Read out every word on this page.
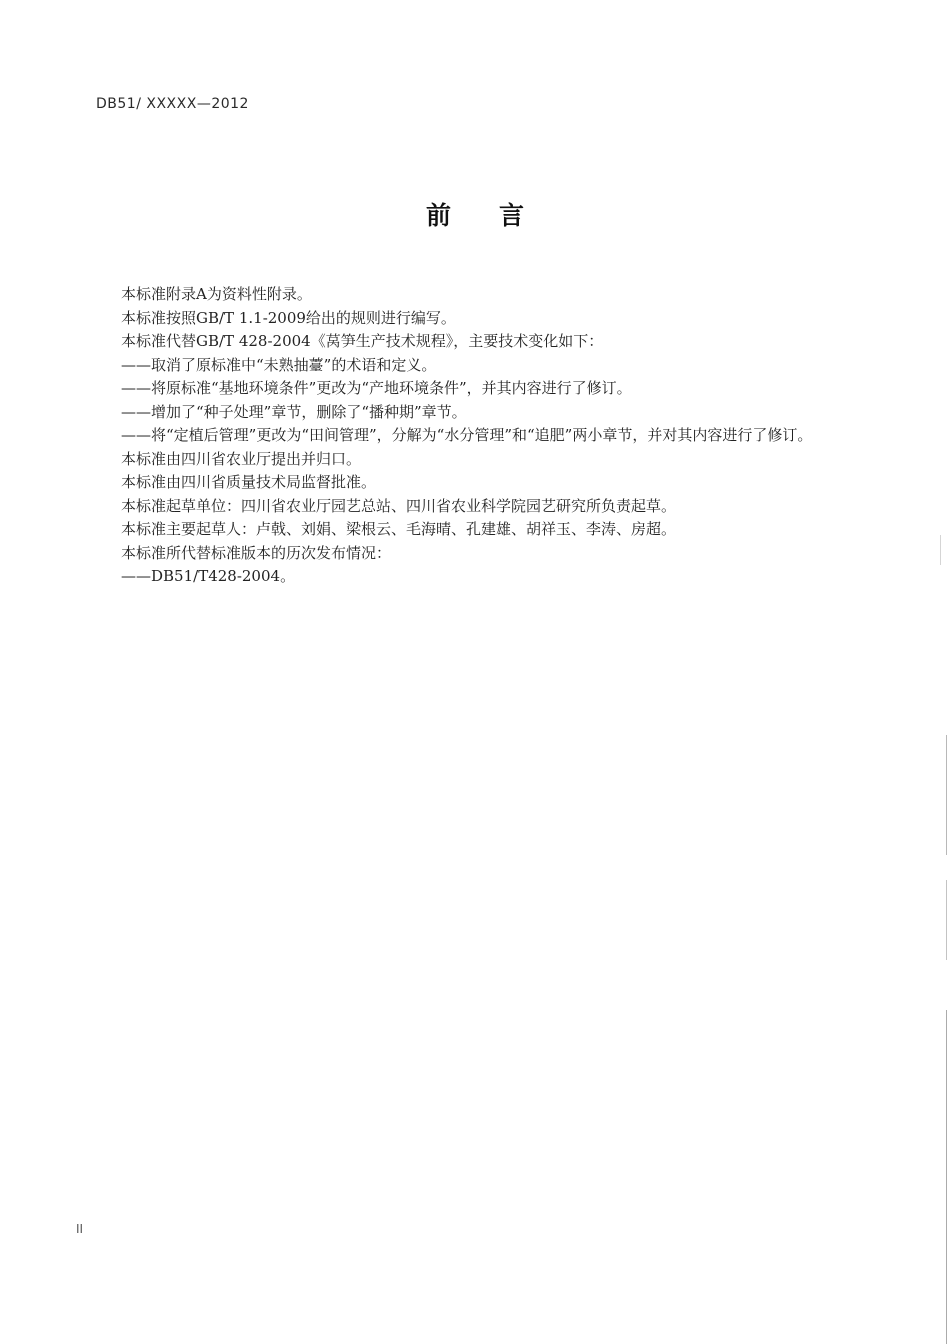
DB51/ XXXXX—2012
前言

本标准附录A为资料性附录。

本标准按照GB/T 1.1-2009给出的规则进行编写。

本标准代替GB/T 428-2004《莴笋生产技术规程》，主要技术变化如下：

——取消了原标准中“未熟抽薹”的术语和定义。

——将原标准“基地环境条件”更改为“产地环境条件”，并其内容进行了修订。

——增加了“种子处理”章节，删除了“播种期”章节。

——将“定植后管理”更改为“田间管理”，分解为“水分管理”和“追肥”两小章节，并对其内容进行了修订。

本标准由四川省农业厅提出并归口。

本标准由四川省质量技术局监督批准。

本标准起草单位：四川省农业厅园艺总站、四川省农业科学院园艺研究所负责起草。

本标准主要起草人：卢戟、刘娟、梁根云、毛海晴、孔建雄、胡祥玉、李涛、房超。

本标准所代替标准版本的历次发布情况：

——DB51/T428-2004。

II
